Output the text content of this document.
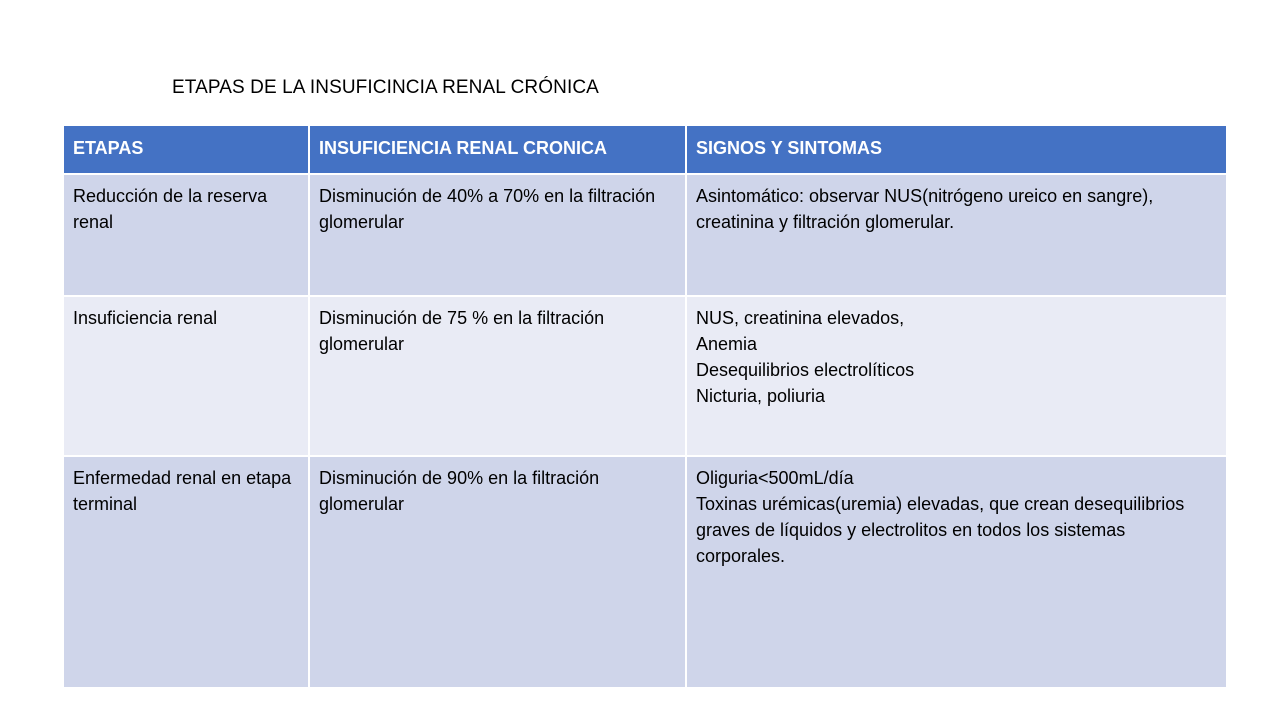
ETAPAS DE LA INSUFICINCIA RENAL CRÓNICA
ETAPAS	INSUFICIENCIA RENAL CRONICA	SIGNOS Y SINTOMAS
Reducción de la reserva renal	Disminución de 40% a 70% en la filtración glomerular	Asintomático: observar NUS(nitrógeno ureico en sangre), creatinina y filtración glomerular.

Insuficiencia renal	Disminución de 75 % en la filtración glomerular	NUS, creatinina elevados,
Anemia
Desequilibrios electrolíticos
Nicturia, poliuria

Enfermedad renal en etapa terminal	Disminución de 90% en la filtración glomerular	Oliguria<500mL/día
Toxinas urémicas(uremia) elevadas, que crean desequilibrios graves de líquidos y electrolitos en todos los sistemas corporales.
